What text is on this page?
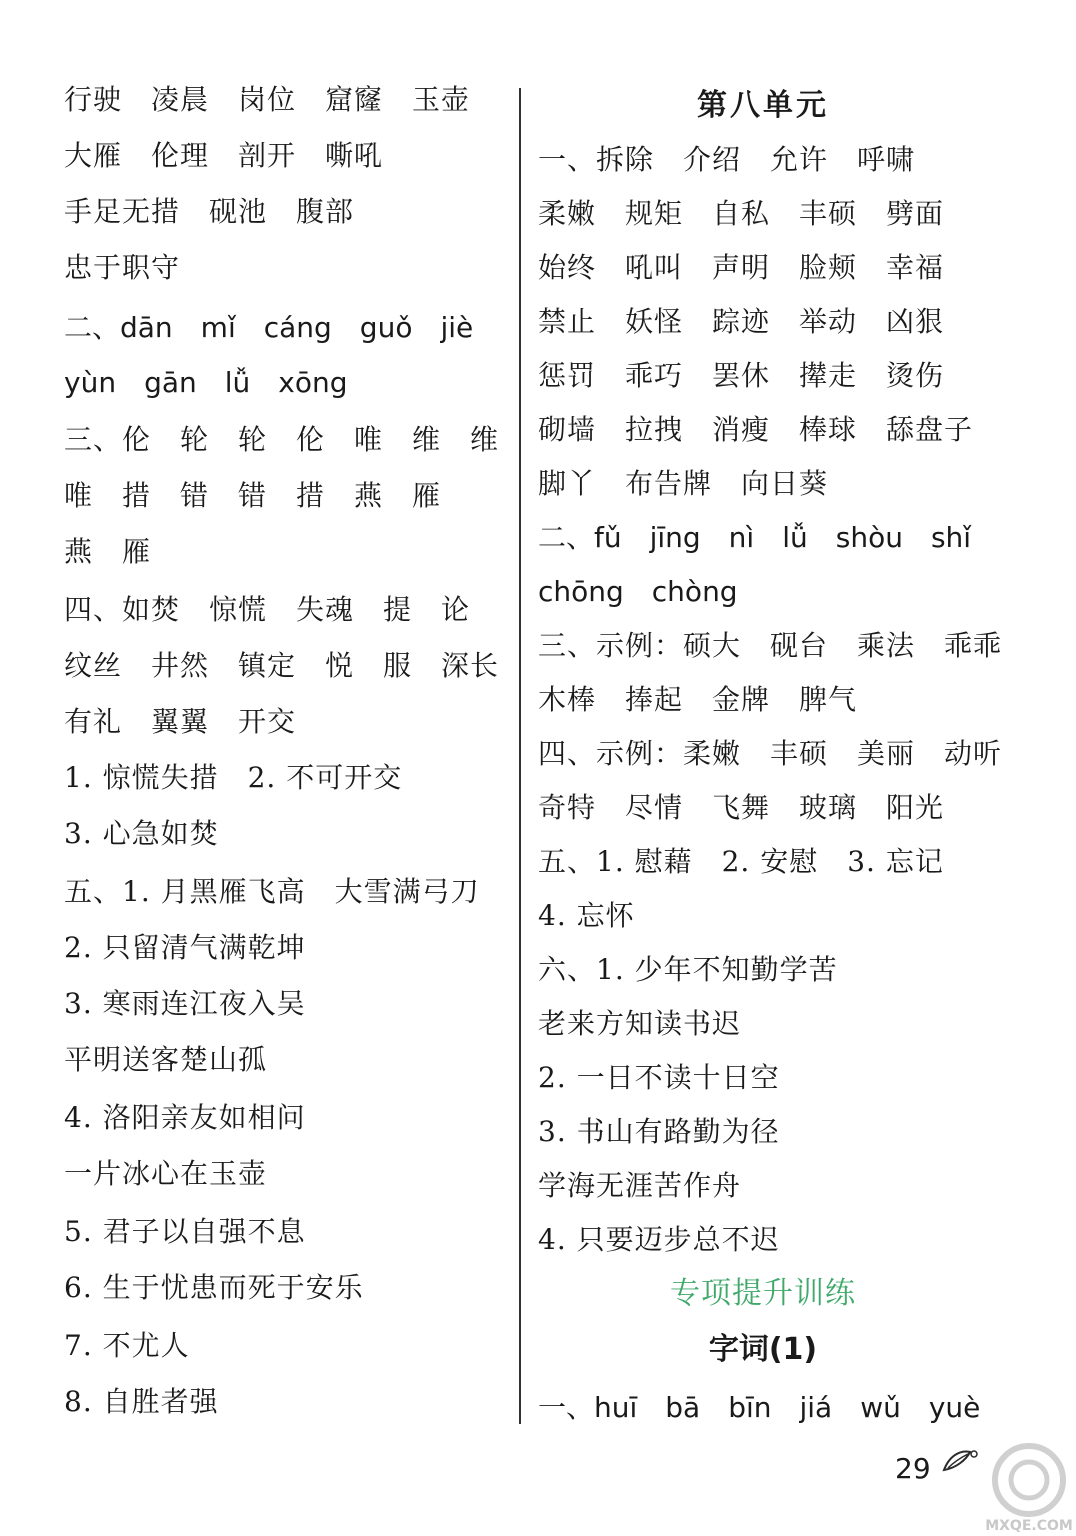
行驶　凌晨　岗位　窟窿　玉壶
大雁　伦理　剖开　嘶吼
手足无措　砚池　腹部
忠于职守
二、dān　mǐ　cáng　guǒ　jiè
yùn　gān　lǚ　xōng
三、伦　轮　轮　伦　唯　维　维
唯　措　错　错　措　燕　雁
燕　雁
四、如焚　惊慌　失魂　提　论
纹丝　井然　镇定　悦　服　深长
有礼　翼翼　开交
1. 惊慌失措　2. 不可开交
3. 心急如焚
五、1. 月黑雁飞高　大雪满弓刀
2. 只留清气满乾坤
3. 寒雨连江夜入吴
平明送客楚山孤
4. 洛阳亲友如相问
一片冰心在玉壶
5. 君子以自强不息
6. 生于忧患而死于安乐
7. 不尤人
8. 自胜者强
第八单元
一、拆除　介绍　允许　呼啸
柔嫩　规矩　自私　丰硕　劈面
始终　吼叫　声明　脸颊　幸福
禁止　妖怪　踪迹　举动　凶狠
惩罚　乖巧　罢休　撵走　烫伤
砌墙　拉拽　消瘦　棒球　舔盘子
脚丫　布告牌　向日葵
二、fǔ　jīng　nì　lǚ　shòu　shǐ
chōng　chòng
三、示例：硕大　砚台　乘法　乖乖
木棒　捧起　金牌　脾气
四、示例：柔嫩　丰硕　美丽　动听
奇特　尽情　飞舞　玻璃　阳光
五、1. 慰藉　2. 安慰　3. 忘记
4. 忘怀
六、1. 少年不知勤学苦
老来方知读书迟
2. 一日不读十日空
3. 书山有路勤为径
学海无涯苦作舟
4. 只要迈步总不迟
专项提升训练
字词(1)
一、huī　bā　bīn　jiá　wǔ　yuè
29
MXQE.COM
